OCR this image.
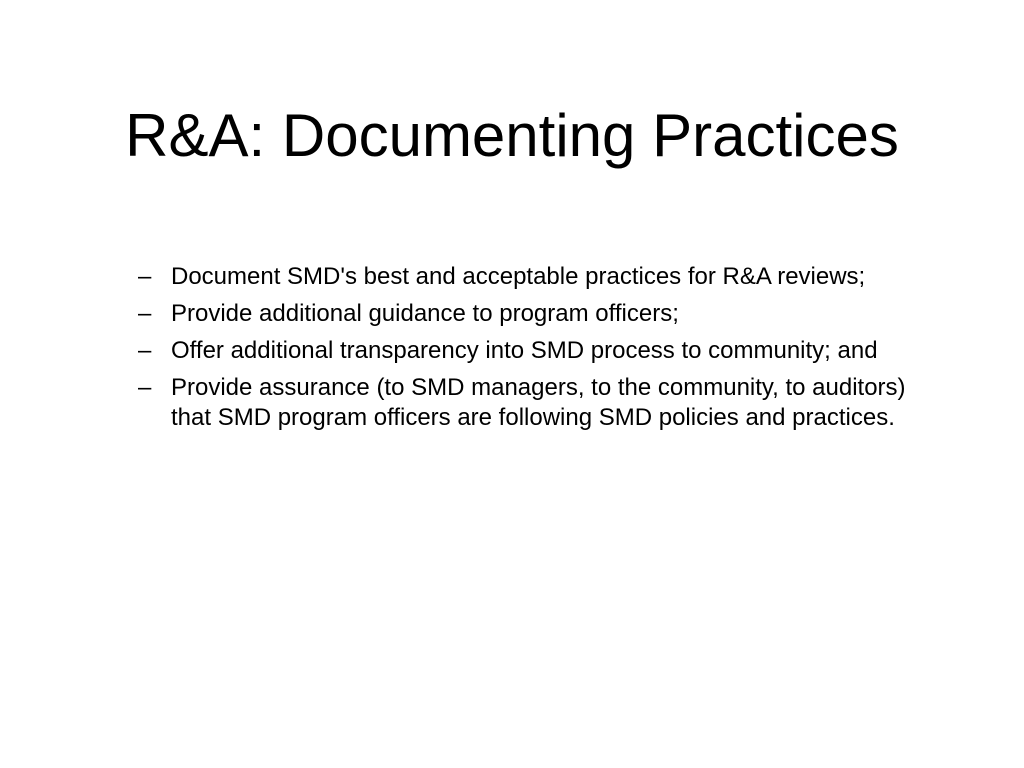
R&A: Documenting Practices
– Document SMD's best and acceptable practices for R&A reviews;
– Provide additional guidance to program officers;
– Offer additional transparency into SMD process to community; and
– Provide assurance (to SMD managers, to the community, to auditors) that SMD program officers are following SMD policies and practices.
